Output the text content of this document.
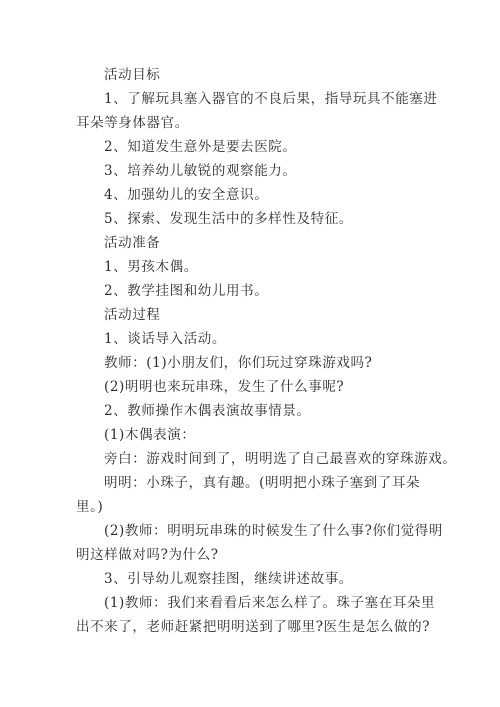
活动目标
1、了解玩具塞入器官的不良后果，指导玩具不能塞进
耳朵等身体器官。
2、知道发生意外是要去医院。
3、培养幼儿敏锐的观察能力。
4、加强幼儿的安全意识。
5、探索、发现生活中的多样性及特征。
活动准备
1、男孩木偶。
2、教学挂图和幼儿用书。
活动过程
1、谈话导入活动。
教师：(1)小朋友们，你们玩过穿珠游戏吗?
(2)明明也来玩串珠，发生了什么事呢?
2、教师操作木偶表演故事情景。
(1)木偶表演：
旁白：游戏时间到了，明明选了自己最喜欢的穿珠游戏。
明明：小珠子，真有趣。(明明把小珠子塞到了耳朵
里。)
(2)教师：明明玩串珠的时候发生了什么事?你们觉得明
明这样做对吗?为什么?
3、引导幼儿观察挂图，继续讲述故事。
(1)教师：我们来看看后来怎么样了。珠子塞在耳朵里
出不来了，老师赶紧把明明送到了哪里?医生是怎么做的?
